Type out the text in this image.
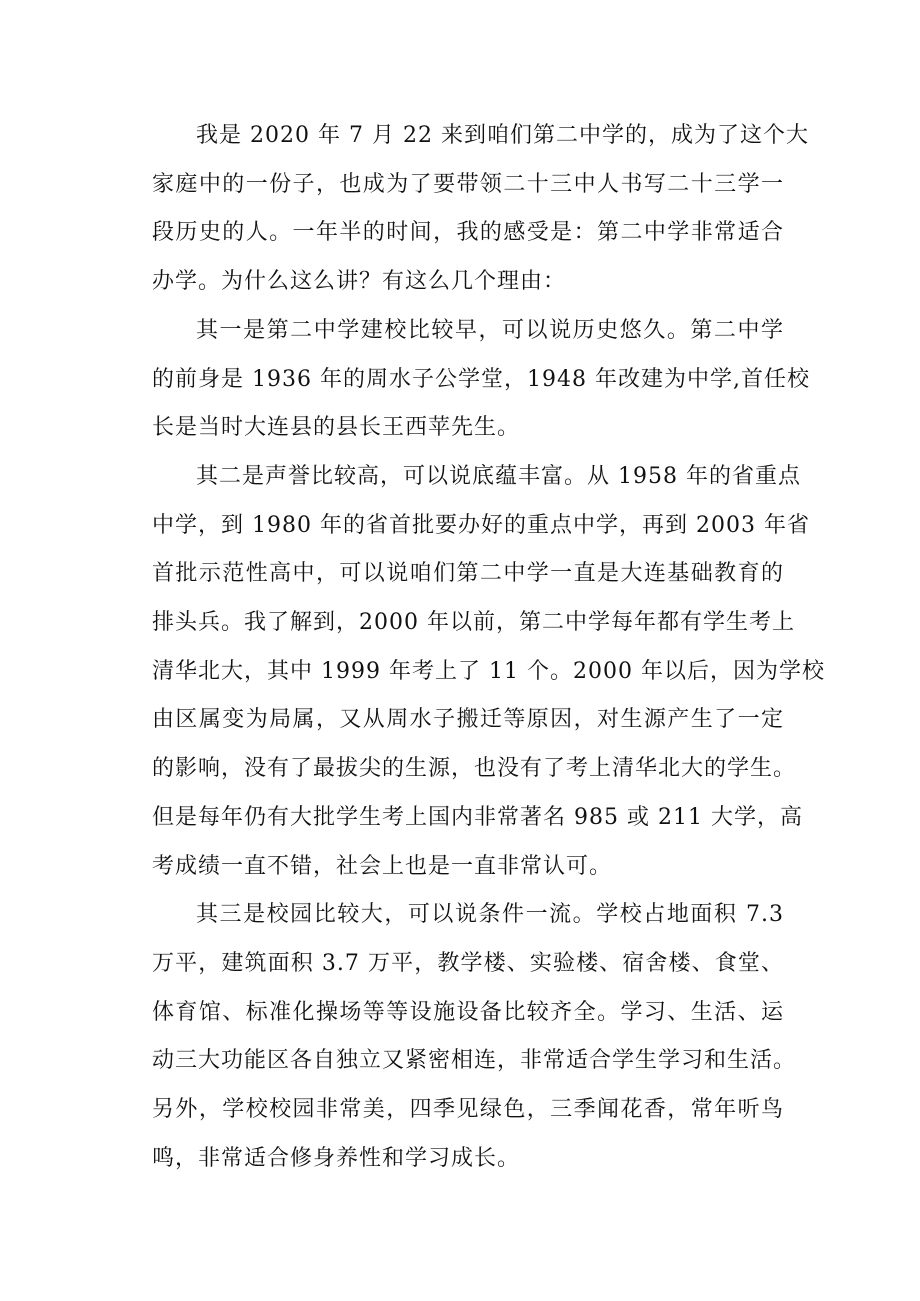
我是 2020 年 7 月 22 来到咱们第二中学的，成为了这个大
家庭中的一份子，也成为了要带领二十三中人书写二十三学一
段历史的人。一年半的时间，我的感受是：第二中学非常适合
办学。为什么这么讲？有这么几个理由：

其一是第二中学建校比较早，可以说历史悠久。第二中学
的前身是 1936 年的周水子公学堂，1948 年改建为中学,首任校
长是当时大连县的县长王西苹先生。

其二是声誉比较高，可以说底蕴丰富。从 1958 年的省重点
中学，到 1980 年的省首批要办好的重点中学，再到 2003 年省
首批示范性高中，可以说咱们第二中学一直是大连基础教育的
排头兵。我了解到，2000 年以前，第二中学每年都有学生考上
清华北大，其中 1999 年考上了 11 个。2000 年以后，因为学校
由区属变为局属，又从周水子搬迁等原因，对生源产生了一定
的影响，没有了最拔尖的生源，也没有了考上清华北大的学生。
但是每年仍有大批学生考上国内非常著名 985 或 211 大学，高
考成绩一直不错，社会上也是一直非常认可。

其三是校园比较大，可以说条件一流。学校占地面积 7.3
万平，建筑面积 3.7 万平，教学楼、实验楼、宿舍楼、食堂、
体育馆、标准化操场等等设施设备比较齐全。学习、生活、运
动三大功能区各自独立又紧密相连，非常适合学生学习和生活。
另外，学校校园非常美，四季见绿色，三季闻花香，常年听鸟
鸣，非常适合修身养性和学习成长。
